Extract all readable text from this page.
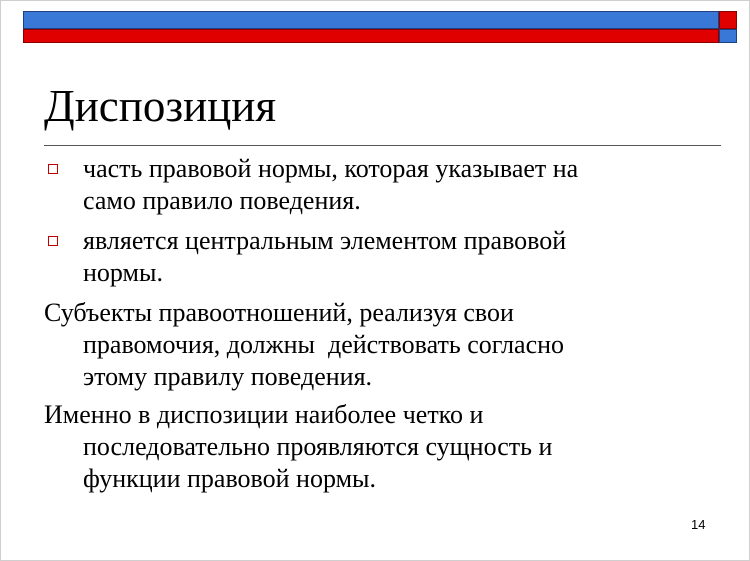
Диспозиция
часть правовой нормы, которая указывает на
само правило поведения.
является центральным элементом правовой
нормы.
Субъекты правоотношений, реализуя свои
правомочия, должны  действовать согласно
этому правилу поведения.
Именно в диспозиции наиболее четко и
последовательно проявляются сущность и
функции правовой нормы.
14
